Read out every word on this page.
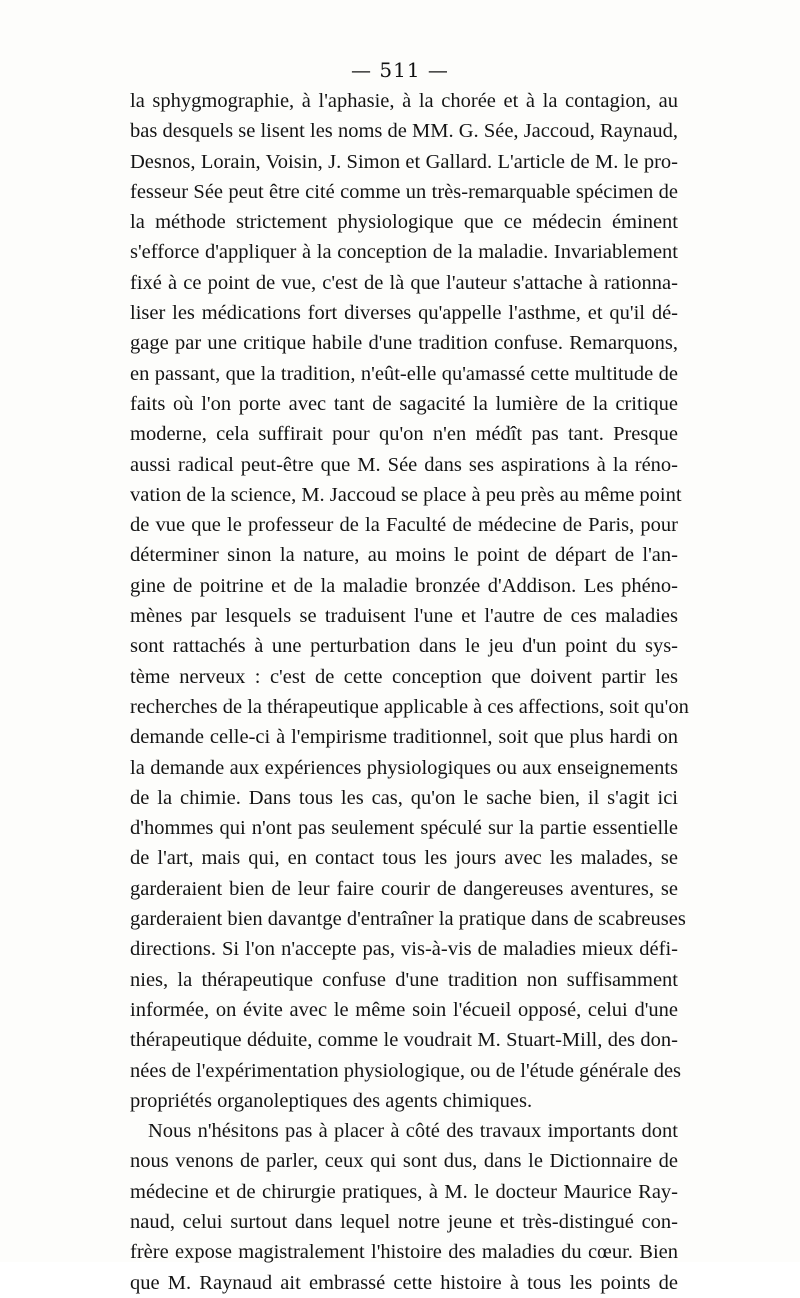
— 511 —
la sphygmographie, à l'aphasie, à la chorée et à la contagion, au
bas desquels se lisent les noms de MM. G. Sée, Jaccoud, Raynaud,
Desnos, Lorain, Voisin, J. Simon et Gallard. L'article de M. le pro-
fesseur Sée peut être cité comme un très-remarquable spécimen de
la méthode strictement physiologique que ce médecin éminent
s'efforce d'appliquer à la conception de la maladie. Invariablement
fixé à ce point de vue, c'est de là que l'auteur s'attache à rationna-
liser les médications fort diverses qu'appelle l'asthme, et qu'il dé-
gage par une critique habile d'une tradition confuse. Remarquons,
en passant, que la tradition, n'eût-elle qu'amassé cette multitude de
faits où l'on porte avec tant de sagacité la lumière de la critique
moderne, cela suffirait pour qu'on n'en médît pas tant. Presque
aussi radical peut-être que M. Sée dans ses aspirations à la réno-
vation de la science, M. Jaccoud se place à peu près au même point
de vue que le professeur de la Faculté de médecine de Paris, pour
déterminer sinon la nature, au moins le point de départ de l'an-
gine de poitrine et de la maladie bronzée d'Addison. Les phéno-
mènes par lesquels se traduisent l'une et l'autre de ces maladies
sont rattachés à une perturbation dans le jeu d'un point du sys-
tème nerveux : c'est de cette conception que doivent partir les
recherches de la thérapeutique applicable à ces affections, soit qu'on
demande celle-ci à l'empirisme traditionnel, soit que plus hardi on
la demande aux expériences physiologiques ou aux enseignements
de la chimie. Dans tous les cas, qu'on le sache bien, il s'agit ici
d'hommes qui n'ont pas seulement spéculé sur la partie essentielle
de l'art, mais qui, en contact tous les jours avec les malades, se
garderaient bien de leur faire courir de dangereuses aventures, se
garderaient bien davantge d'entraîner la pratique dans de scabreuses
directions. Si l'on n'accepte pas, vis-à-vis de maladies mieux défi-
nies, la thérapeutique confuse d'une tradition non suffisamment
informée, on évite avec le même soin l'écueil opposé, celui d'une
thérapeutique déduite, comme le voudrait M. Stuart-Mill, des don-
nées de l'expérimentation physiologique, ou de l'étude générale des
propriétés organoleptiques des agents chimiques.
Nous n'hésitons pas à placer à côté des travaux importants dont
nous venons de parler, ceux qui sont dus, dans le Dictionnaire de
médecine et de chirurgie pratiques, à M. le docteur Maurice Ray-
naud, celui surtout dans lequel notre jeune et très-distingué con-
frère expose magistralement l'histoire des maladies du cœur. Bien
que M. Raynaud ait embrassé cette histoire à tous les points de
